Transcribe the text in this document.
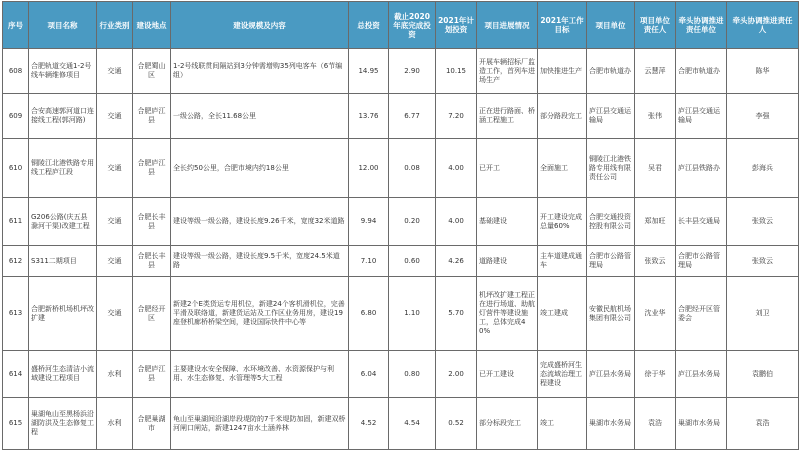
序号	项目名称	行业类别	建设地点	建设规模及内容	总投资	截止2020年底完成投资	2021年计划投资	项目进展情况	2021年工作目标	项目单位	项目单位责任人	牵头协调推进责任单位	牵头协调推进责任人
608	合肥轨道交通1-2号线车辆维修项目	交通	合肥蜀山区	1-2号线联贯间隔站到3分钟需增购35列电客车（6节编组）	14.95	2.90	10.15	开展车辆招标厂监造工作，首列车进场生产	加快推进生产	合肥市轨道办	云慧萍	合肥市轨道办	陈华
609	合安高速郭河道口连接线工程(郭河路)	交通	合肥庐江县	一级公路，全长11.68公里	13.76	6.77	7.20	正在进行路面、桥涵工程施工	部分路段完工	庐江县交通运输局	张伟	庐江县交通运输局	李强
610	铜陵江北港铁路专用线工程庐江段	交通	合肥庐江县	全长约50公里，合肥市境内约18公里	12.00	0.08	4.00	已开工	全面施工	铜陵江北港铁路专用线有限责任公司	吴君	庐江县铁路办	彭海兵
611	G206公路(庆五县滁河干渠)改建工程	交通	合肥长丰县	建设等级一级公路，建设长度9.26千米，宽度32米道路	9.94	0.20	4.00	基础建设	开工建设完成总量60%	合肥交通投资控股有限公司	郑加旺	长丰县交通局	张致云
612	S311二期项目	交通	合肥长丰县	建设等级一级公路，建设长度9.5千米，宽度24.5米道路	7.10	0.60	4.26	道路建设	主车道建成通车	合肥市公路管理局	张致云	合肥市公路管理局	张致云
613	合肥新桥机场机坪改扩建	交通	合肥经开区	新建2个E类货运专用机位，新建24个客机滑机位，完善平滑及联络道，新建货运站及工作区业务用房，建设19座登机廊桥桥梁空间，建设国际快件中心等	6.80	1.10	5.70	机坪改扩建工程正在进行场道、助航灯营件等建设施工，总体完成40%	竣工建成	安徽民航机场集团有限公司	沈业华	合肥经开区管委会	刘卫
614	盛桥河生态清洁小流域建设工程项目	水利	合肥庐江县	主要建设水安全保障、水环境改善、水资源保护与利用、水生态修复、水管理等5大工程	6.04	0.80	2.00	已开工建设	完成盛桥河生态流域治理工程建设	庐江县水务局	徐于华	庐江县水务局	袁鹏伯
615	巢湖龟山至黑杨浜沿湖防洪及生态修复工程	水利	合肥巢湖市	龟山至巢湖间沿湖岸段堤防的7千米堤防加固，新建双桥河闸口闸站，新建1247亩水土涵养林	4.52	4.54	0.52	部分标段完工	竣工	巢湖市水务局	袁浩	巢湖市水务局	袁浩
